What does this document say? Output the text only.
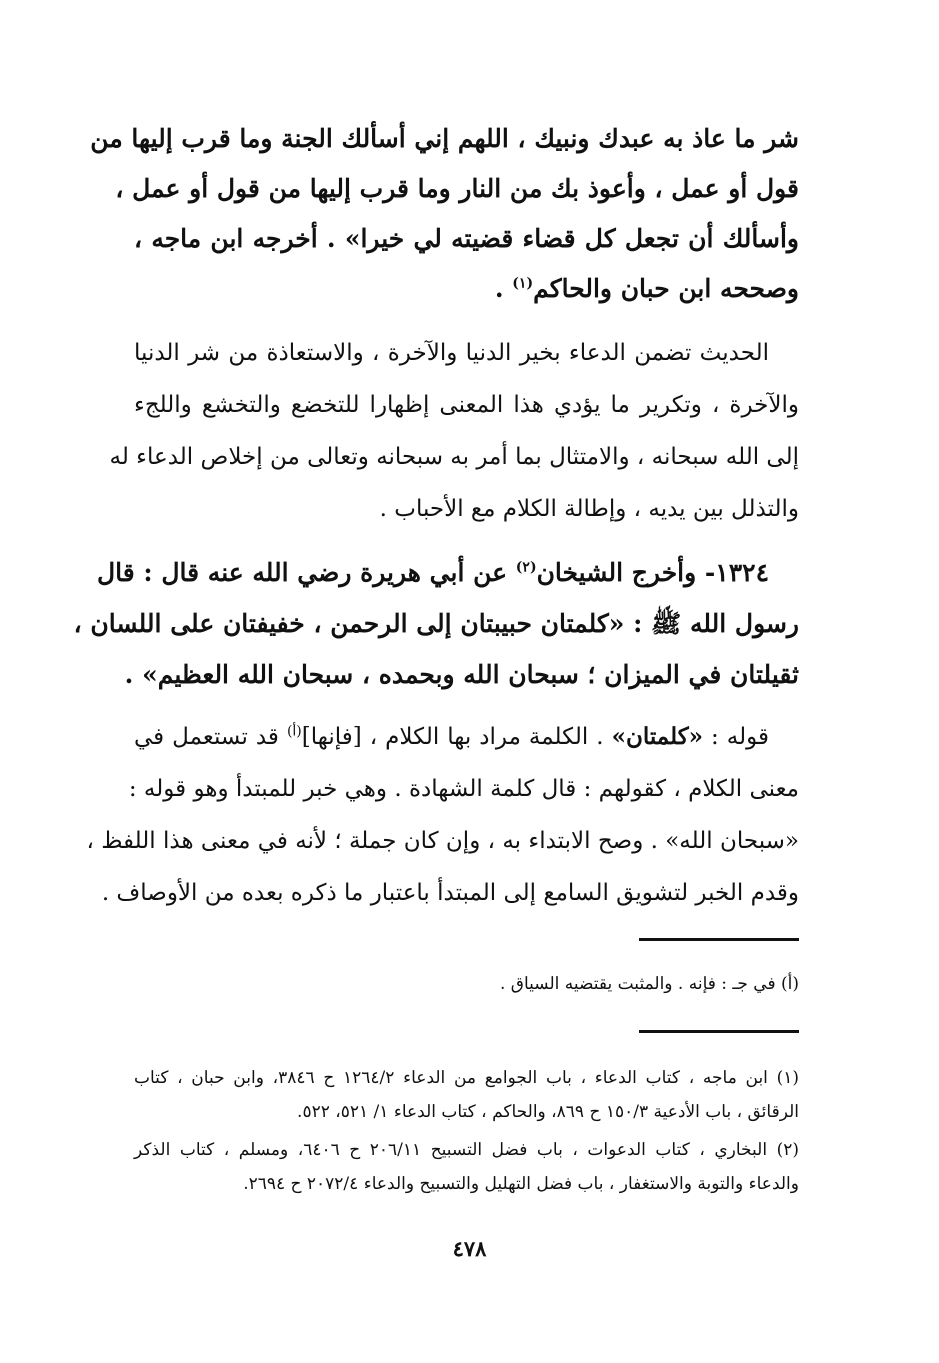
شر ما عاذ به عبدك ونبيك ، اللهم إني أسألك الجنة وما قرب إليها من
قول أو عمل ، وأعوذ بك من النار وما قرب إليها من قول أو عمل ،
وأسألك أن تجعل كل قضاء قضيته لي خيرا» . أخرجه ابن ماجه ،
وصححه ابن حبان والحاكم$^{(١)}$ .
الحديث تضمن الدعاء بخير الدنيا والآخرة ، والاستعاذة من شر الدنيا
والآخرة ، وتكرير ما يؤدي هذا المعنى إظهارا للتخضع والتخشع واللجء
إلى الله سبحانه ، والامتثال بما أمر به سبحانه وتعالى من إخلاص الدعاء له
والتذلل بين يديه ، وإطالة الكلام مع الأحباب .
١٣٢٤- وأخرج الشيخان$^{(٢)}$ عن أبي هريرة رضي الله عنه قال : قال
رسول الله ﷺ : «كلمتان حبيبتان إلى الرحمن ، خفيفتان على اللسان ،
ثقيلتان في الميزان ؛ سبحان الله وبحمده ، سبحان الله العظيم» .
قوله : «كلمتان» . الكلمة مراد بها الكلام ، [فإنها]$^{(أ)}$ قد تستعمل في
معنى الكلام ، كقولهم : قال كلمة الشهادة . وهي خبر للمبتدأ وهو قوله :
«سبحان الله» . وصح الابتداء به ، وإن كان جملة ؛ لأنه في معنى هذا اللفظ ،
وقدم الخبر لتشويق السامع إلى المبتدأ باعتبار ما ذكره بعده من الأوصاف .
(أ) في جـ : فإنه . والمثبت يقتضيه السياق .
(١) ابن ماجه ، كتاب الدعاء ، باب الجوامع من الدعاء ١٢٦٤/٢ ح ٣٨٤٦، وابن حبان ، كتاب
الرقائق ، باب الأدعية ١٥٠/٣ ح ٨٦٩، والحاكم ، كتاب الدعاء ١/ ٥٢١، ٥٢٢.
(٢) البخاري ، كتاب الدعوات ، باب فضل التسبيح ٢٠٦/١١ ح ٦٤٠٦، ومسلم ، كتاب الذكر
والدعاء والتوبة والاستغفار ، باب فضل التهليل والتسبيح والدعاء ٢٠٧٢/٤ ح ٢٦٩٤.
٤٧٨
